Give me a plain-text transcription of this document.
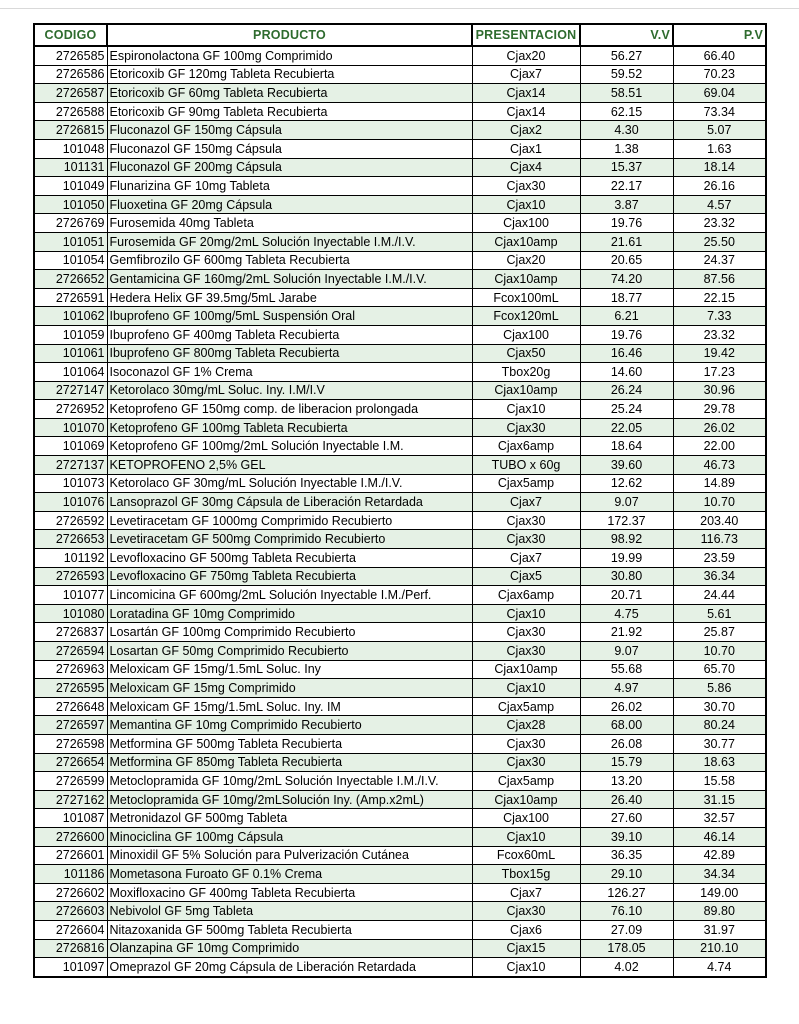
CODIGO	PRODUCTO	PRESENTACION	V.V	P.V
2726585	Espironolactona GF 100mg Comprimido	Cjax20	56.27	66.40
2726586	Etoricoxib GF 120mg Tableta Recubierta	Cjax7	59.52	70.23
2726587	Etoricoxib GF 60mg Tableta Recubierta	Cjax14	58.51	69.04
2726588	Etoricoxib GF 90mg Tableta Recubierta	Cjax14	62.15	73.34
2726815	Fluconazol GF 150mg Cápsula	Cjax2	4.30	5.07
101048	Fluconazol GF 150mg Cápsula	Cjax1	1.38	1.63
101131	Fluconazol GF 200mg Cápsula	Cjax4	15.37	18.14
101049	Flunarizina GF 10mg Tableta	Cjax30	22.17	26.16
101050	Fluoxetina GF 20mg Cápsula	Cjax10	3.87	4.57
2726769	Furosemida 40mg Tableta	Cjax100	19.76	23.32
101051	Furosemida GF 20mg/2mL Solución Inyectable I.M./I.V.	Cjax10amp	21.61	25.50
101054	Gemfibrozilo GF 600mg Tableta Recubierta	Cjax20	20.65	24.37
2726652	Gentamicina GF 160mg/2mL Solución Inyectable I.M./I.V.	Cjax10amp	74.20	87.56
2726591	Hedera Helix GF 39.5mg/5mL Jarabe	Fcox100mL	18.77	22.15
101062	Ibuprofeno GF 100mg/5mL Suspensión Oral	Fcox120mL	6.21	7.33
101059	Ibuprofeno GF 400mg Tableta Recubierta	Cjax100	19.76	23.32
101061	Ibuprofeno GF 800mg Tableta Recubierta	Cjax50	16.46	19.42
101064	Isoconazol GF 1% Crema	Tbox20g	14.60	17.23
2727147	Ketorolaco 30mg/mL Soluc. Iny. I.M/I.V	Cjax10amp	26.24	30.96
2726952	Ketoprofeno GF 150mg comp. de liberacion prolongada	Cjax10	25.24	29.78
101070	Ketoprofeno GF 100mg Tableta Recubierta	Cjax30	22.05	26.02
101069	Ketoprofeno GF 100mg/2mL Solución Inyectable I.M.	Cjax6amp	18.64	22.00
2727137	KETOPROFENO 2,5% GEL	TUBO x 60g	39.60	46.73
101073	Ketorolaco GF 30mg/mL Solución Inyectable I.M./I.V.	Cjax5amp	12.62	14.89
101076	Lansoprazol GF 30mg Cápsula de Liberación Retardada	Cjax7	9.07	10.70
2726592	Levetiracetam GF 1000mg Comprimido Recubierto	Cjax30	172.37	203.40
2726653	Levetiracetam GF 500mg Comprimido Recubierto	Cjax30	98.92	116.73
101192	Levofloxacino GF 500mg Tableta Recubierta	Cjax7	19.99	23.59
2726593	Levofloxacino GF 750mg Tableta Recubierta	Cjax5	30.80	36.34
101077	Lincomicina GF 600mg/2mL Solución Inyectable I.M./Perf.	Cjax6amp	20.71	24.44
101080	Loratadina GF 10mg Comprimido	Cjax10	4.75	5.61
2726837	Losartán GF 100mg Comprimido Recubierto	Cjax30	21.92	25.87
2726594	Losartan GF 50mg Comprimido Recubierto	Cjax30	9.07	10.70
2726963	Meloxicam GF 15mg/1.5mL Soluc. Iny	Cjax10amp	55.68	65.70
2726595	Meloxicam GF 15mg Comprimido	Cjax10	4.97	5.86
2726648	Meloxicam GF 15mg/1.5mL Soluc. Iny. IM	Cjax5amp	26.02	30.70
2726597	Memantina GF 10mg Comprimido Recubierto	Cjax28	68.00	80.24
2726598	Metformina GF 500mg Tableta Recubierta	Cjax30	26.08	30.77
2726654	Metformina GF 850mg Tableta Recubierta	Cjax30	15.79	18.63
2726599	Metoclopramida GF 10mg/2mL Solución Inyectable I.M./I.V.	Cjax5amp	13.20	15.58
2727162	Metoclopramida GF 10mg/2mLSolución Iny. (Amp.x2mL)	Cjax10amp	26.40	31.15
101087	Metronidazol GF 500mg Tableta	Cjax100	27.60	32.57
2726600	Minociclina GF 100mg Cápsula	Cjax10	39.10	46.14
2726601	Minoxidil GF 5% Solución para Pulverización Cutánea	Fcox60mL	36.35	42.89
101186	Mometasona Furoato GF 0.1% Crema	Tbox15g	29.10	34.34
2726602	Moxifloxacino GF 400mg Tableta Recubierta	Cjax7	126.27	149.00
2726603	Nebivolol GF 5mg Tableta	Cjax30	76.10	89.80
2726604	Nitazoxanida GF 500mg Tableta Recubierta	Cjax6	27.09	31.97
2726816	Olanzapina GF 10mg Comprimido	Cjax15	178.05	210.10
101097	Omeprazol GF 20mg Cápsula de Liberación Retardada	Cjax10	4.02	4.74
